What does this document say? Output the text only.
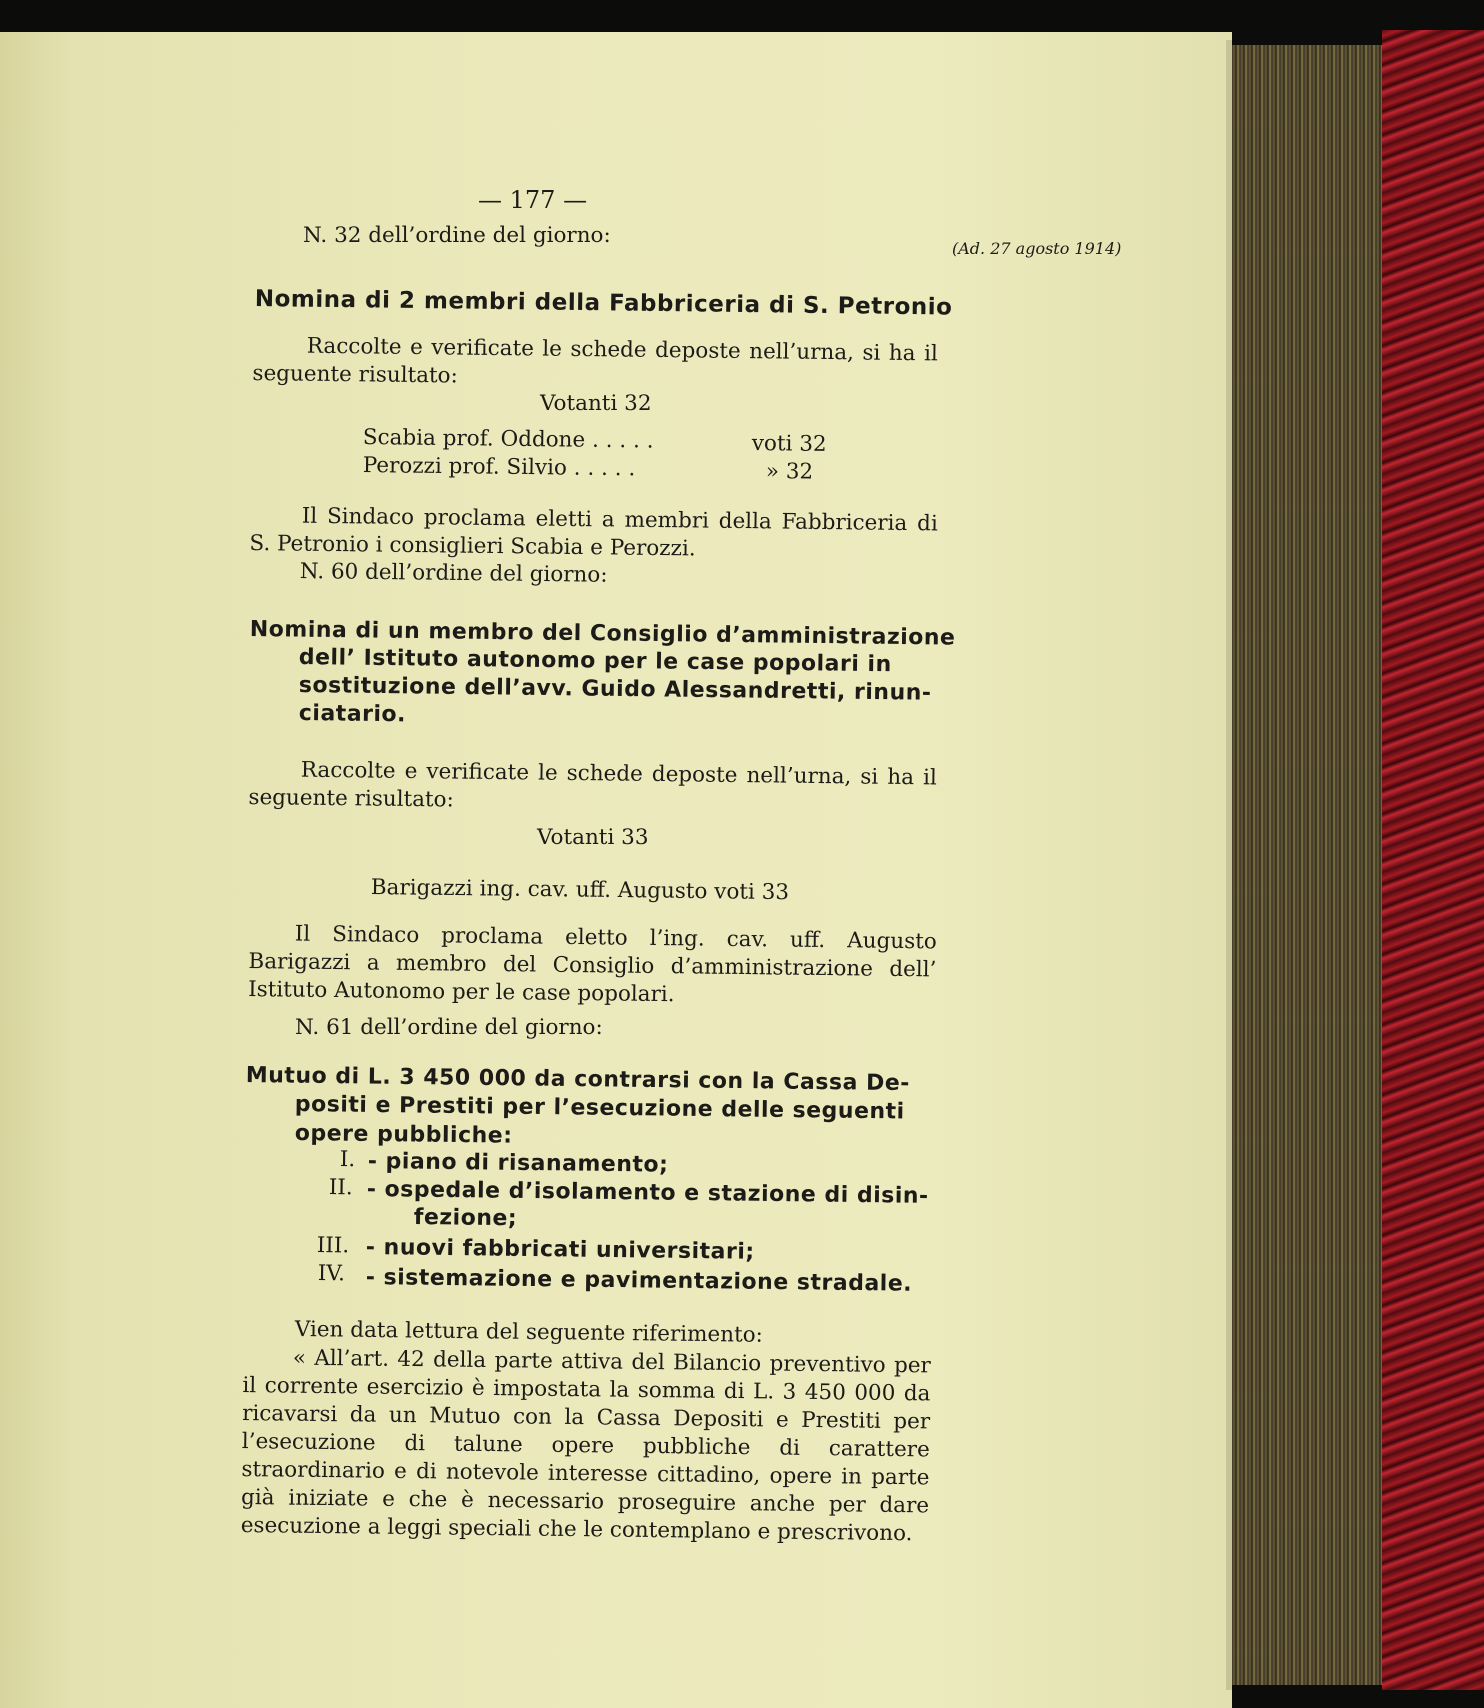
— 177 —
(Ad. 27 agosto 1914)
N. 32 dell’ordine del giorno:
Nomina di 2 membri della Fabbriceria di S. Petronio
Raccolte e verificate le schede deposte nell’urna, si ha il seguente risultato:
Votanti 32
Scabia prof. Oddone . . . . .	voti 32
Perozzi prof. Silvio . . . . .	» 32
Il Sindaco proclama eletti a membri della Fabbriceria di S. Petronio i consiglieri Scabia e Perozzi.
N. 60 dell’ordine del giorno:
Nomina di un membro del Consiglio d’amministrazione
dell’ Istituto autonomo per le case popolari in
sostituzione dell’avv. Guido Alessandretti, rinun-
ciatario.
Raccolte e verificate le schede deposte nell’urna, si ha il seguente risultato:
Votanti 33
Barigazzi ing. cav. uff. Augusto voti 33
Il Sindaco proclama eletto l’ing. cav. uff. Augusto Barigazzi a membro del Consiglio d’amministrazione dell’ Istituto Autonomo per le case popolari.
N. 61 dell’ordine del giorno:
Mutuo di L. 3 450 000 da contrarsi con la Cassa De-
positi e Prestiti per l’esecuzione delle seguenti
opere pubbliche:
I. - piano di risanamento;
II. - ospedale d’isolamento e stazione di disin-
fezione;
III. - nuovi fabbricati universitari;
IV. - sistemazione e pavimentazione stradale.
Vien data lettura del seguente riferimento:
« All’art. 42 della parte attiva del Bilancio preventivo per il corrente esercizio è impostata la somma di L. 3 450 000 da ricavarsi da un Mutuo con la Cassa Depositi e Prestiti per l’esecuzione di talune opere pubbliche di carattere straordinario e di notevole interesse cittadino, opere in parte già iniziate e che è necessario proseguire anche per dare esecuzione a leggi speciali che le contemplano e prescrivono.
